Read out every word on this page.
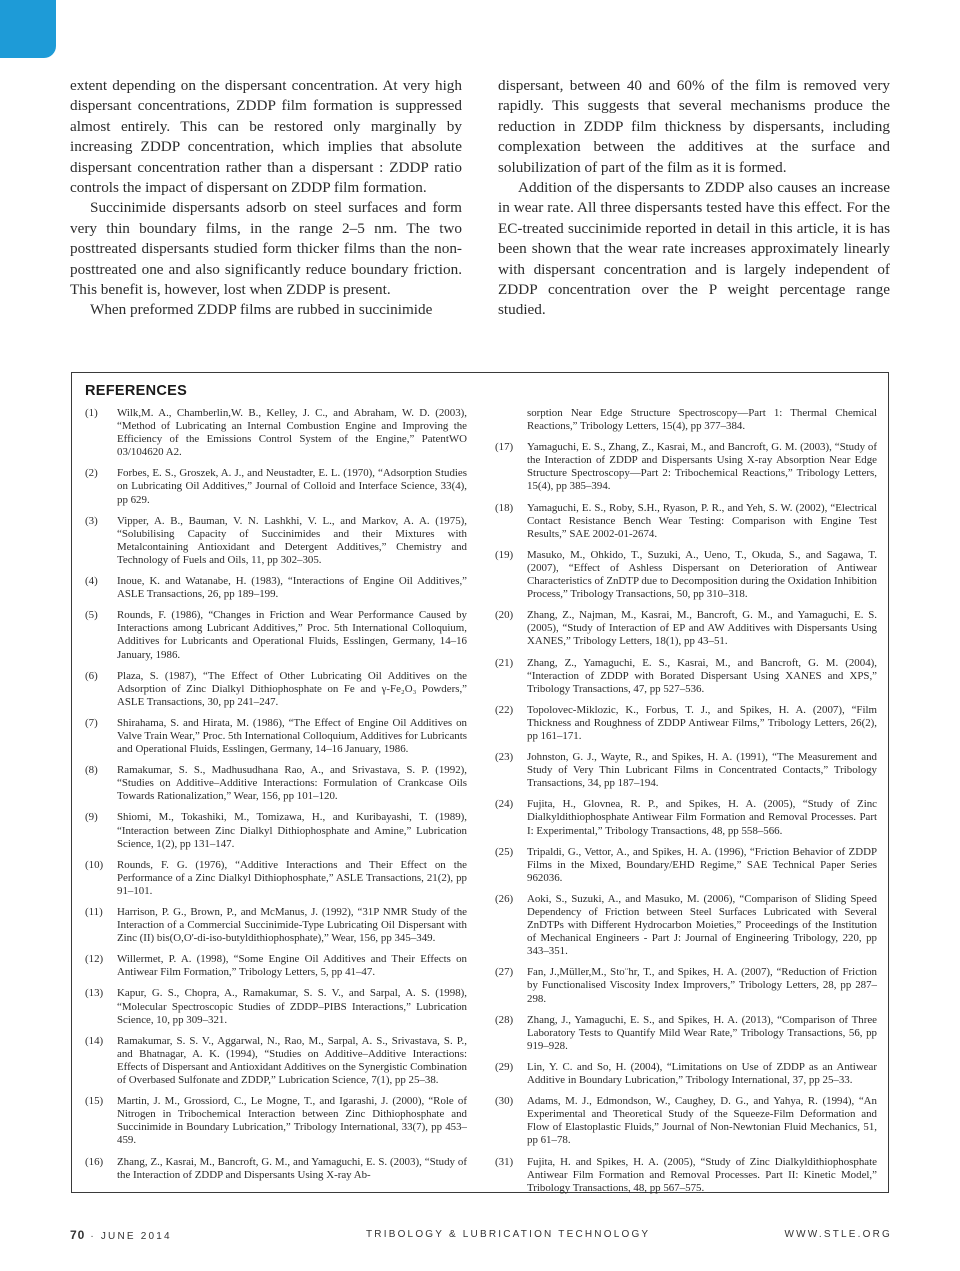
extent depending on the dispersant concentration. At very high dispersant concentrations, ZDDP film formation is suppressed almost entirely. This can be restored only marginally by increasing ZDDP concentration, which implies that absolute dispersant concentration rather than a dispersant : ZDDP ratio controls the impact of dispersant on ZDDP film formation.

Succinimide dispersants adsorb on steel surfaces and form very thin boundary films, in the range 2–5 nm. The two posttreated dispersants studied form thicker films than the non-posttreated one and also significantly reduce boundary friction. This benefit is, however, lost when ZDDP is present.

When preformed ZDDP films are rubbed in succinimide

dispersant, between 40 and 60% of the film is removed very rapidly. This suggests that several mechanisms produce the reduction in ZDDP film thickness by dispersants, including complexation between the additives at the surface and solubilization of part of the film as it is formed.

Addition of the dispersants to ZDDP also causes an increase in wear rate. All three dispersants tested have this effect. For the EC-treated succinimide reported in detail in this article, it is has been shown that the wear rate increases approximately linearly with dispersant concentration and is largely independent of ZDDP concentration over the P weight percentage range studied.

REFERENCES
(1) Wilk,M. A., Chamberlin,W. B., Kelley, J. C., and Abraham, W. D. (2003), “Method of Lubricating an Internal Combustion Engine and Improving the Efficiency of the Emissions Control System of the Engine,” PatentWO 03/104620 A2.
(2) Forbes, E. S., Groszek, A. J., and Neustadter, E. L. (1970), “Adsorption Studies on Lubricating Oil Additives,” Journal of Colloid and Interface Science, 33(4), pp 629.
(3) Vipper, A. B., Bauman, V. N. Lashkhi, V. L., and Markov, A. A. (1975), “Solubilising Capacity of Succinimides and their Mixtures with Metalcontaining Antioxidant and Detergent Additives,” Chemistry and Technology of Fuels and Oils, 11, pp 302–305.
(4) Inoue, K. and Watanabe, H. (1983), “Interactions of Engine Oil Additives,” ASLE Transactions, 26, pp 189–199.
(5) Rounds, F. (1986), “Changes in Friction and Wear Performance Caused by Interactions among Lubricant Additives,” Proc. 5th International Colloquium, Additives for Lubricants and Operational Fluids, Esslingen, Germany, 14–16 January, 1986.
(6) Plaza, S. (1987), “The Effect of Other Lubricating Oil Additives on the Adsorption of Zinc Dialkyl Dithiophosphate on Fe and γ-Fe₂O₃ Powders,” ASLE Transactions, 30, pp 241–247.
(7) Shirahama, S. and Hirata, M. (1986), “The Effect of Engine Oil Additives on Valve Train Wear,” Proc. 5th International Colloquium, Additives for Lubricants and Operational Fluids, Esslingen, Germany, 14–16 January, 1986.
(8) Ramakumar, S. S., Madhusudhana Rao, A., and Srivastava, S. P. (1992), “Studies on Additive–Additive Interactions: Formulation of Crankcase Oils Towards Rationalization,” Wear, 156, pp 101–120.
(9) Shiomi, M., Tokashiki, M., Tomizawa, H., and Kuribayashi, T. (1989), “Interaction between Zinc Dialkyl Dithiophosphate and Amine,” Lubrication Science, 1(2), pp 131–147.
(10) Rounds, F. G. (1976), “Additive Interactions and Their Effect on the Performance of a Zinc Dialkyl Dithiophosphate,” ASLE Transactions, 21(2), pp 91–101.
(11) Harrison, P. G., Brown, P., and McManus, J. (1992), “31P NMR Study of the Interaction of a Commercial Succinimide-Type Lubricating Oil Dispersant with Zinc (II) bis(O,O'-di-iso-butyldithiophosphate),” Wear, 156, pp 345–349.
(12) Willermet, P. A. (1998), “Some Engine Oil Additives and Their Effects on Antiwear Film Formation,” Tribology Letters, 5, pp 41–47.
(13) Kapur, G. S., Chopra, A., Ramakumar, S. S. V., and Sarpal, A. S. (1998), “Molecular Spectroscopic Studies of ZDDP–PIBS Interactions,” Lubrication Science, 10, pp 309–321.
(14) Ramakumar, S. S. V., Aggarwal, N., Rao, M., Sarpal, A. S., Srivastava, S. P., and Bhatnagar, A. K. (1994), “Studies on Additive–Additive Interactions: Effects of Dispersant and Antioxidant Additives on the Synergistic Combination of Overbased Sulfonate and ZDDP,” Lubrication Science, 7(1), pp 25–38.
(15) Martin, J. M., Grossiord, C., Le Mogne, T., and Igarashi, J. (2000), “Role of Nitrogen in Tribochemical Interaction between Zinc Dithiophosphate and Succinimide in Boundary Lubrication,” Tribology International, 33(7), pp 453–459.
(16) Zhang, Z., Kasrai, M., Bancroft, G. M., and Yamaguchi, E. S. (2003), “Study of the Interaction of ZDDP and Dispersants Using X-ray Ab-
sorption Near Edge Structure Spectroscopy—Part 1: Thermal Chemical Reactions,” Tribology Letters, 15(4), pp 377–384.
(17) Yamaguchi, E. S., Zhang, Z., Kasrai, M., and Bancroft, G. M. (2003), “Study of the Interaction of ZDDP and Dispersants Using X-ray Absorption Near Edge Structure Spectroscopy—Part 2: Tribochemical Reactions,” Tribology Letters, 15(4), pp 385–394.
(18) Yamaguchi, E. S., Roby, S.H., Ryason, P. R., and Yeh, S. W. (2002), “Electrical Contact Resistance Bench Wear Testing: Comparison with Engine Test Results,” SAE 2002-01-2674.
(19) Masuko, M., Ohkido, T., Suzuki, A., Ueno, T., Okuda, S., and Sagawa, T. (2007), “Effect of Ashless Dispersant on Deterioration of Antiwear Characteristics of ZnDTP due to Decomposition during the Oxidation Inhibition Process,” Tribology Transactions, 50, pp 310–318.
(20) Zhang, Z., Najman, M., Kasrai, M., Bancroft, G. M., and Yamaguchi, E. S. (2005), “Study of Interaction of EP and AW Additives with Dispersants Using XANES,” Tribology Letters, 18(1), pp 43–51.
(21) Zhang, Z., Yamaguchi, E. S., Kasrai, M., and Bancroft, G. M. (2004), “Interaction of ZDDP with Borated Dispersant Using XANES and XPS,” Tribology Transactions, 47, pp 527–536.
(22) Topolovec-Miklozic, K., Forbus, T. J., and Spikes, H. A. (2007), “Film Thickness and Roughness of ZDDP Antiwear Films,” Tribology Letters, 26(2), pp 161–171.
(23) Johnston, G. J., Wayte, R., and Spikes, H. A. (1991), “The Measurement and Study of Very Thin Lubricant Films in Concentrated Contacts,” Tribology Transactions, 34, pp 187–194.
(24) Fujita, H., Glovnea, R. P., and Spikes, H. A. (2005), “Study of Zinc Dialkyldithiophosphate Antiwear Film Formation and Removal Processes. Part I: Experimental,” Tribology Transactions, 48, pp 558–566.
(25) Tripaldi, G., Vettor, A., and Spikes, H. A. (1996), “Friction Behavior of ZDDP Films in the Mixed, Boundary/EHD Regime,” SAE Technical Paper Series 962036.
(26) Aoki, S., Suzuki, A., and Masuko, M. (2006), “Comparison of Sliding Speed Dependency of Friction between Steel Surfaces Lubricated with Several ZnDTPs with Different Hydrocarbon Moieties,” Proceedings of the Institution of Mechanical Engineers - Part J: Journal of Engineering Tribology, 220, pp 343–351.
(27) Fan, J.,Müller,M., Sto¨hr, T., and Spikes, H. A. (2007), “Reduction of Friction by Functionalised Viscosity Index Improvers,” Tribology Letters, 28, pp 287–298.
(28) Zhang, J., Yamaguchi, E. S., and Spikes, H. A. (2013), “Comparison of Three Laboratory Tests to Quantify Mild Wear Rate,” Tribology Transactions, 56, pp 919–928.
(29) Lin, Y. C. and So, H. (2004), “Limitations on Use of ZDDP as an Antiwear Additive in Boundary Lubrication,” Tribology International, 37, pp 25–33.
(30) Adams, M. J., Edmondson, W., Caughey, D. G., and Yahya, R. (1994), “An Experimental and Theoretical Study of the Squeeze-Film Deformation and Flow of Elastoplastic Fluids,” Journal of Non-Newtonian Fluid Mechanics, 51, pp 61–78.
(31) Fujita, H. and Spikes, H. A. (2005), “Study of Zinc Dialkyldithiophosphate Antiwear Film Formation and Removal Processes. Part II: Kinetic Model,” Tribology Transactions, 48, pp 567–575.
70 · JUNE 2014	TRIBOLOGY & LUBRICATION TECHNOLOGY	WWW.STLE.ORG
